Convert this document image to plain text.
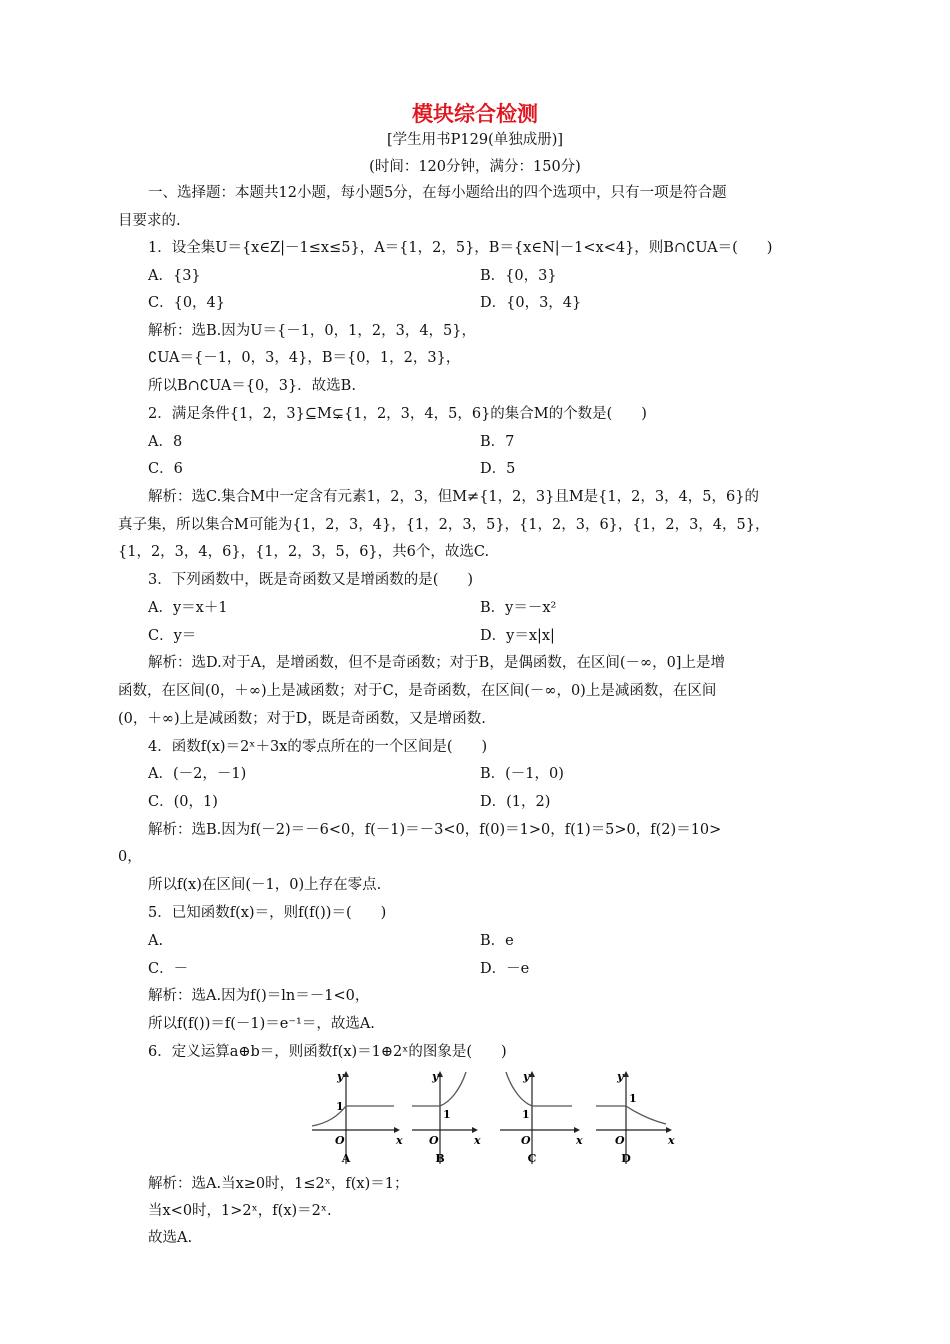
模块综合检测
[学生用书P129(单独成册)]
(时间：120分钟，满分：150分)
一、选择题：本题共12小题，每小题5分，在每小题给出的四个选项中，只有一项是符合题
目要求的.
1．设全集U＝{x∈Z|－1≤x≤5}，A＝{1，2，5}，B＝{x∈N|－1<x<4}，则B∩∁UA＝(　　)
A．{3}	B．{0，3}
C．{0，4}	D．{0，3，4}
解析：选B.因为U＝{－1，0，1，2，3，4，5}，
∁UA＝{－1，0，3，4}，B＝{0，1，2，3}，
所以B∩∁UA＝{0，3}．故选B.
2．满足条件{1，2，3}⊆M⊊{1，2，3，4，5，6}的集合M的个数是(　　)
A．8	B．7
C．6	D．5
解析：选C.集合M中一定含有元素1，2，3，但M≠{1，2，3}且M是{1，2，3，4，5，6}的
真子集，所以集合M可能为{1，2，3，4}，{1，2，3，5}，{1，2，3，6}，{1，2，3，4，5}，
{1，2，3，4，6}，{1，2，3，5，6}，共6个，故选C.
3．下列函数中，既是奇函数又是增函数的是(　　)
A．y＝x＋1	B．y＝－x²
C．y＝	D．y＝x|x|
解析：选D.对于A，是增函数，但不是奇函数；对于B，是偶函数，在区间(－∞，0]上是增
函数，在区间(0，＋∞)上是减函数；对于C，是奇函数，在区间(－∞，0)上是减函数，在区间
(0，＋∞)上是减函数；对于D，既是奇函数，又是增函数.
4．函数f(x)＝2ˣ＋3x的零点所在的一个区间是(　　)
A．(－2，－1)	B．(－1，0)
C．(0，1)	D．(1，2)
解析：选B.因为f(－2)＝－6<0，f(－1)＝－3<0，f(0)＝1>0，f(1)＝5>0，f(2)＝10>
0，
所以f(x)在区间(－1，0)上存在零点.
5．已知函数f(x)＝，则f(f())＝(　　)
A.	B．e
C．－	D．－e
解析：选A.因为f()＝ln＝－1<0，
所以f(f())＝f(－1)＝e⁻¹＝，故选A.
6．定义运算a⊕b＝，则函数f(x)＝1⊕2ˣ的图象是(　　)
y
x
O
1
A
y
x
O
1
B
y
x
O
1
C
y
x
O
1
D
解析：选A.当x≥0时，1≤2ˣ，f(x)＝1；
当x<0时，1>2ˣ，f(x)＝2ˣ.
故选A.
